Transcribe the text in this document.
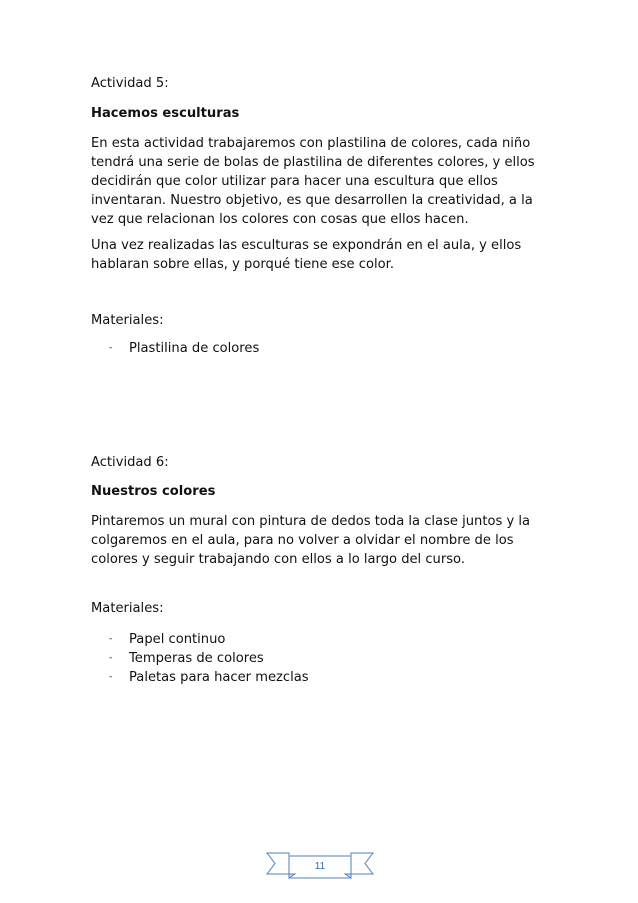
Actividad 5:
Hacemos esculturas
En esta actividad trabajaremos con plastilina de colores, cada niño
tendrá una serie de bolas de plastilina de diferentes colores, y ellos
decidirán que color utilizar para hacer una escultura que ellos
inventaran. Nuestro objetivo, es que desarrollen la creatividad, a la
vez que relacionan los colores con cosas que ellos hacen.
Una vez realizadas las esculturas se expondrán en el aula, y ellos
hablaran sobre ellas, y porqué tiene ese color.
Materiales:
- Plastilina de colores
Actividad 6:
Nuestros colores
Pintaremos un mural con pintura de dedos toda la clase juntos y la
colgaremos en el aula, para no volver a olvidar el nombre de los
colores y seguir trabajando con ellos a lo largo del curso.
Materiales:
- Papel continuo
- Temperas de colores
- Paletas para hacer mezclas
11
